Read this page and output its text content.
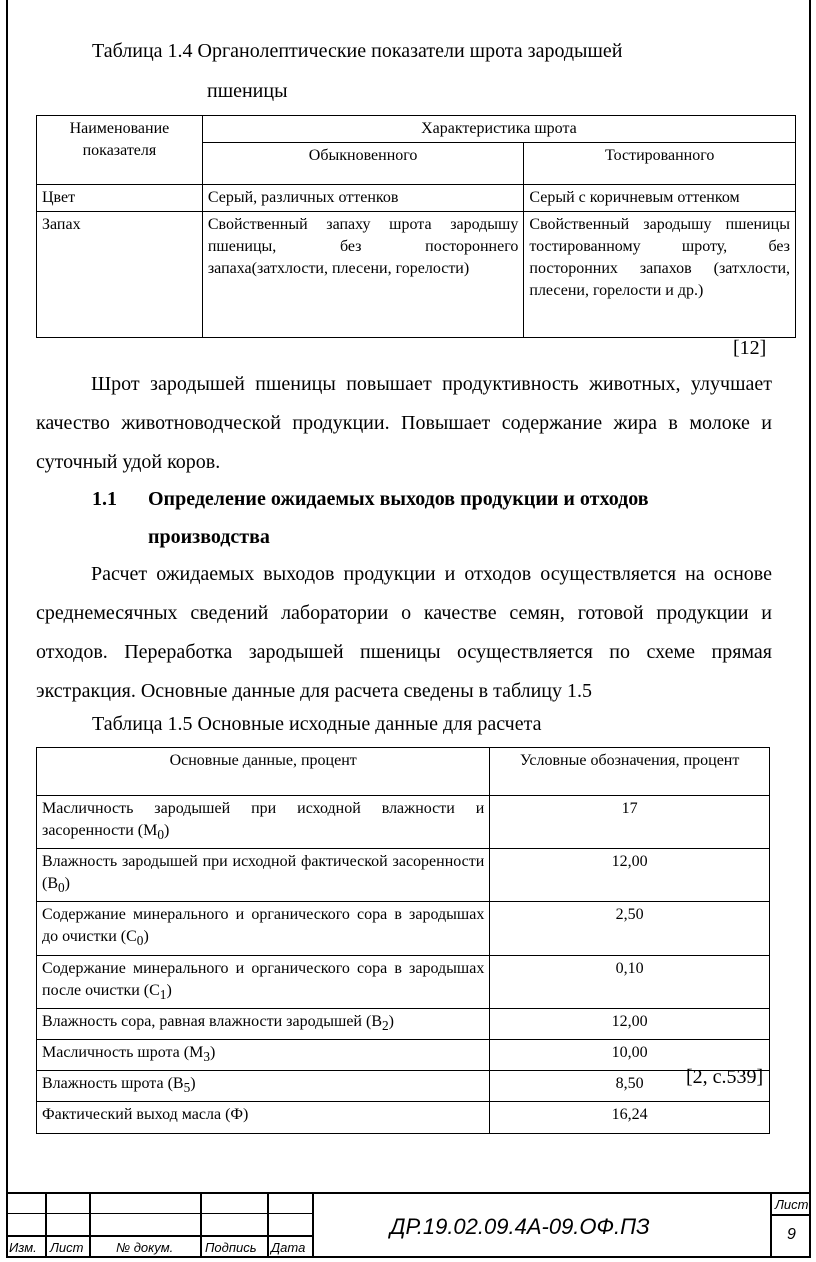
Таблица 1.4 Органолептические показатели шрота зародышей
пшеницы
Наименование показателя	Характеристика шрота	
	Обыкновенного	Тостированного
Цвет	Серый, различных оттенков	Серый с коричневым оттенком
Запах	Свойственный запаху шрота зародышу пшеницы, без постороннего запаха(затхлости, плесени, горелости)	Свойственный зародышу пшеницы тостированному шроту, без посторонних запахов (затхлости, плесени, горелости и др.)
[12]
Шрот зародышей пшеницы повышает продуктивность животных, улучшает качество животноводческой продукции. Повышает содержание жира в молоке и суточный удой коров.
1.1 Определение ожидаемых выходов продукции и отходов
производства
Расчет ожидаемых выходов продукции и отходов осуществляется на основе среднемесячных сведений лаборатории о качестве семян, готовой продукции и отходов. Переработка зародышей пшеницы осуществляется по схеме прямая экстракция. Основные данные для расчета сведены в таблицу 1.5
Таблица 1.5 Основные исходные данные для расчета
Основные данные, процент	Условные обозначения, процент
Масличность зародышей при исходной влажности и засоренности $(М_0)$	17
Влажность зародышей при исходной фактической засоренности $(В_0)$	12,00
Содержание минерального и органического сора в зародышах до очистки $(С_0)$	2,50
Содержание минерального и органического сора в зародышах после очистки $(С_1)$	0,10
Влажность сора, равная влажности зародышей $(В_2)$	12,00
Масличность шрота $(М_3)$	10,00
Влажность шрота $(В_5)$	8,50
Фактический выход масла (Ф)	16,24
[2, с.539]
Изм. Лист	№ докум. Подпись Дата
ДР.19.02.09.4А-09.ОФ.ПЗ
Лист
9
